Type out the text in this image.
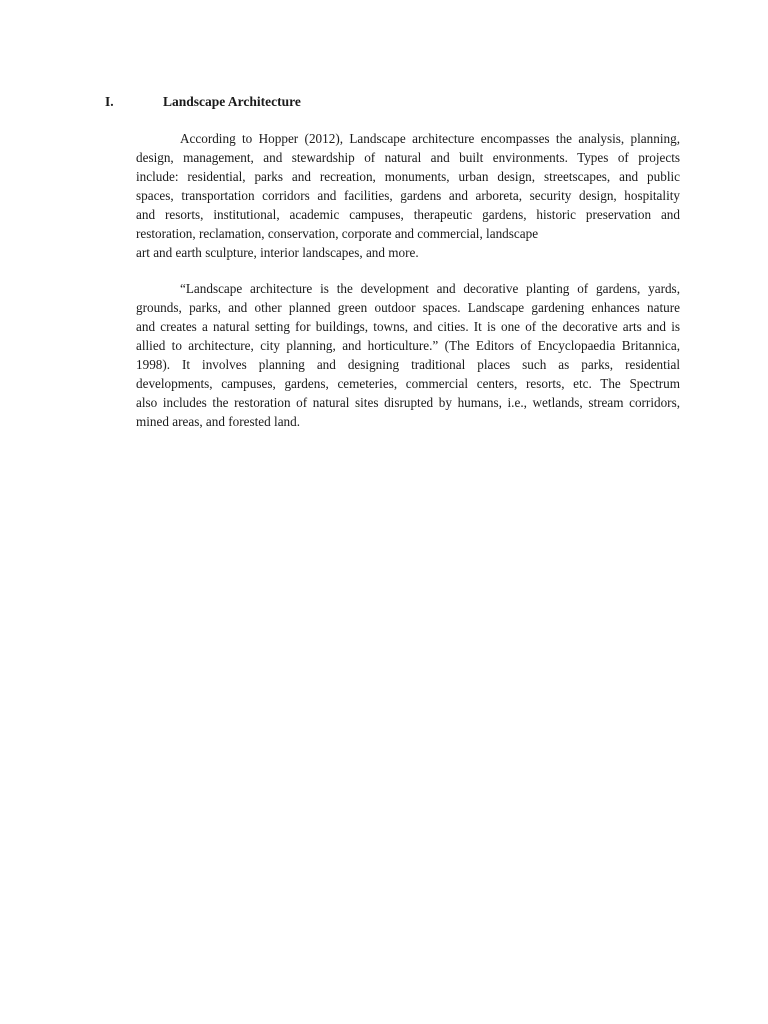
I.	Landscape Architecture
According to Hopper (2012), Landscape architecture encompasses the analysis, planning,
design, management, and stewardship of natural and built environments. Types of projects
include: residential, parks and recreation, monuments, urban design, streetscapes, and public
spaces, transportation corridors and facilities, gardens and arboreta, security design, hospitality
and resorts, institutional, academic campuses, therapeutic gardens, historic preservation and
restoration, reclamation, conservation, corporate and commercial, landscape
art and earth sculpture, interior landscapes, and more.
“Landscape architecture is the development and decorative planting of gardens, yards,
grounds, parks, and other planned green outdoor spaces. Landscape gardening enhances nature
and creates a natural setting for buildings, towns, and cities. It is one of the decorative arts and is
allied to architecture, city planning, and horticulture.” (The Editors of Encyclopaedia Britannica,
1998). It involves planning and designing traditional places such as parks, residential
developments, campuses, gardens, cemeteries, commercial centers, resorts, etc. The Spectrum
also includes the restoration of natural sites disrupted by humans, i.e., wetlands, stream corridors,
mined areas, and forested land.
